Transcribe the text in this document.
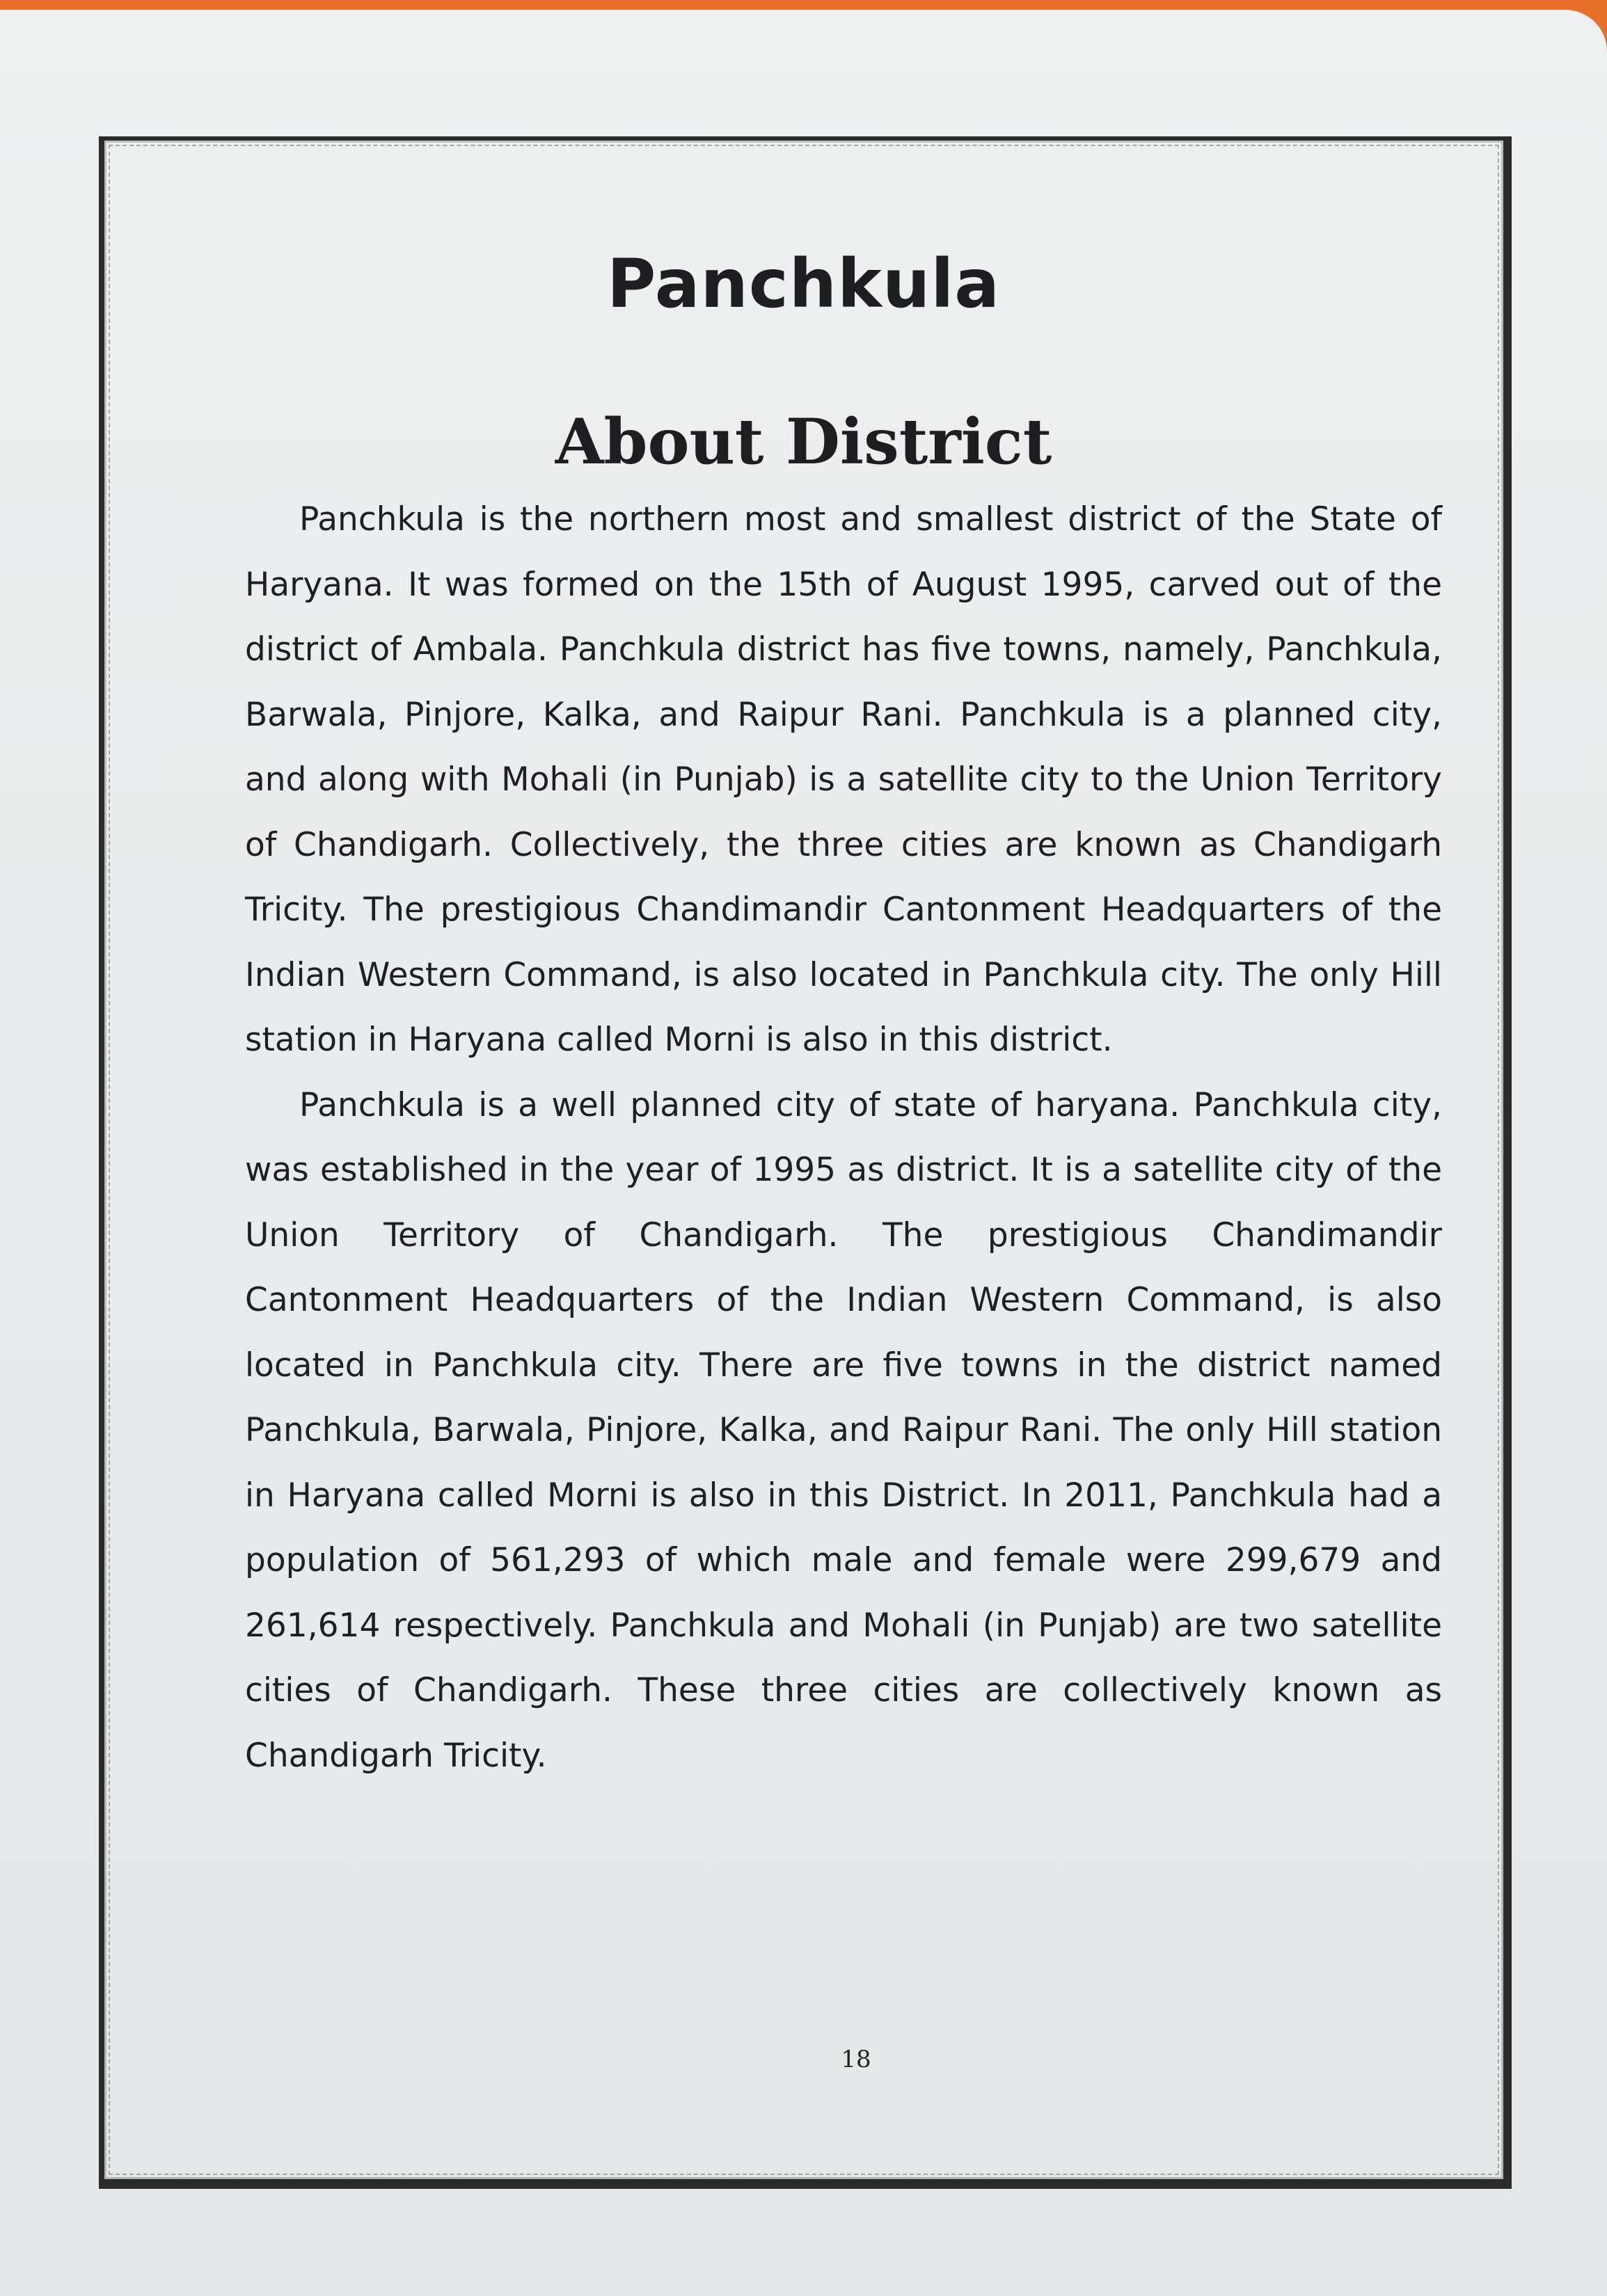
Panchkula
About District

Panchkula is the northern most and smallest district of the State of Haryana. It was formed on the 15th of August 1995, carved out of the district of Ambala. Panchkula district has five towns, namely, Panchkula, Barwala, Pinjore, Kalka, and Raipur Rani. Panchkula is a planned city, and along with Mohali (in Punjab) is a satellite city to the Union Territory of Chandigarh. Collectively, the three cities are known as Chandigarh Tricity. The prestigious Chandimandir Cantonment Headquarters of the Indian Western Command, is also located in Panchkula city. The only Hill station in Haryana called Morni is also in this district.

Panchkula is a well planned city of state of haryana. Panchkula city, was established in the year of 1995 as district. It is a satellite city of the Union Territory of Chandigarh. The prestigious Chandimandir Cantonment Headquarters of the Indian Western Command, is also located in Panchkula city. There are five towns in the district named Panchkula, Barwala, Pinjore, Kalka, and Raipur Rani. The only Hill station in Haryana called Morni is also in this District. In 2011, Panchkula had a population of 561,293 of which male and female were 299,679 and 261,614 respectively. Panchkula and Mohali (in Punjab) are two satellite cities of Chandigarh. These three cities are collectively known as Chandigarh Tricity.

18
